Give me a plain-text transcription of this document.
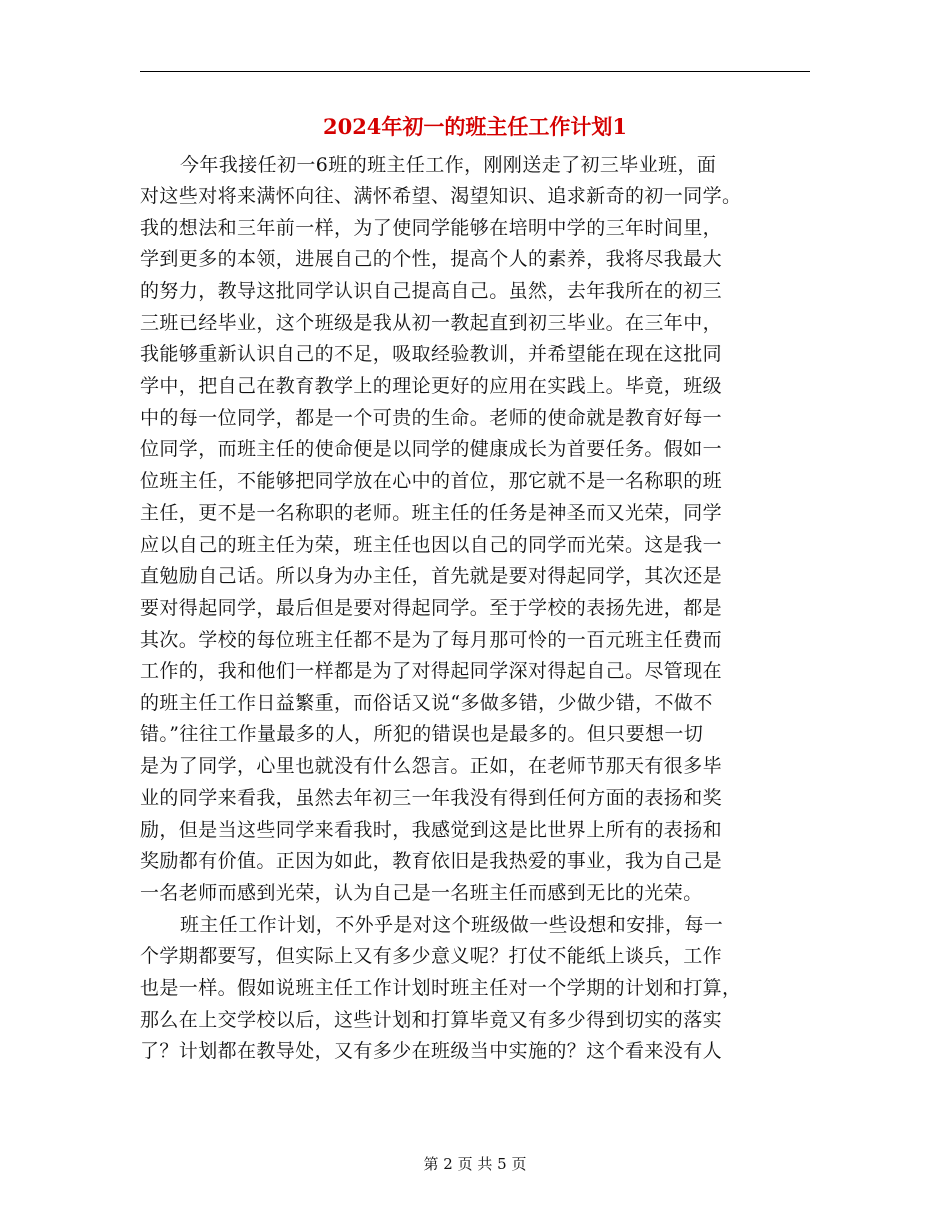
2024年初一的班主任工作计划1
今年我接任初一6班的班主任工作，刚刚送走了初三毕业班，面
对这些对将来满怀向往、满怀希望、渴望知识、追求新奇的初一同学。
我的想法和三年前一样，为了使同学能够在培明中学的三年时间里，
学到更多的本领，进展自己的个性，提高个人的素养，我将尽我最大
的努力，教导这批同学认识自己提高自己。虽然，去年我所在的初三
三班已经毕业，这个班级是我从初一教起直到初三毕业。在三年中，
我能够重新认识自己的不足，吸取经验教训，并希望能在现在这批同
学中，把自己在教育教学上的理论更好的应用在实践上。毕竟，班级
中的每一位同学，都是一个可贵的生命。老师的使命就是教育好每一
位同学，而班主任的使命便是以同学的健康成长为首要任务。假如一
位班主任，不能够把同学放在心中的首位，那它就不是一名称职的班
主任，更不是一名称职的老师。班主任的任务是神圣而又光荣，同学
应以自己的班主任为荣，班主任也因以自己的同学而光荣。这是我一
直勉励自己话。所以身为办主任，首先就是要对得起同学，其次还是
要对得起同学，最后但是要对得起同学。至于学校的表扬先进，都是
其次。学校的每位班主任都不是为了每月那可怜的一百元班主任费而
工作的，我和他们一样都是为了对得起同学深对得起自己。尽管现在
的班主任工作日益繁重，而俗话又说“多做多错，少做少错，不做不
错。”往往工作量最多的人，所犯的错误也是最多的。但只要想一切
是为了同学，心里也就没有什么怨言。正如，在老师节那天有很多毕
业的同学来看我，虽然去年初三一年我没有得到任何方面的表扬和奖
励，但是当这些同学来看我时，我感觉到这是比世界上所有的表扬和
奖励都有价值。正因为如此，教育依旧是我热爱的事业，我为自己是
一名老师而感到光荣，认为自己是一名班主任而感到无比的光荣。
班主任工作计划，不外乎是对这个班级做一些设想和安排，每一
个学期都要写，但实际上又有多少意义呢？打仗不能纸上谈兵，工作
也是一样。假如说班主任工作计划时班主任对一个学期的计划和打算，
那么在上交学校以后，这些计划和打算毕竟又有多少得到切实的落实
了？计划都在教导处，又有多少在班级当中实施的？这个看来没有人
第 2 页 共 5 页
